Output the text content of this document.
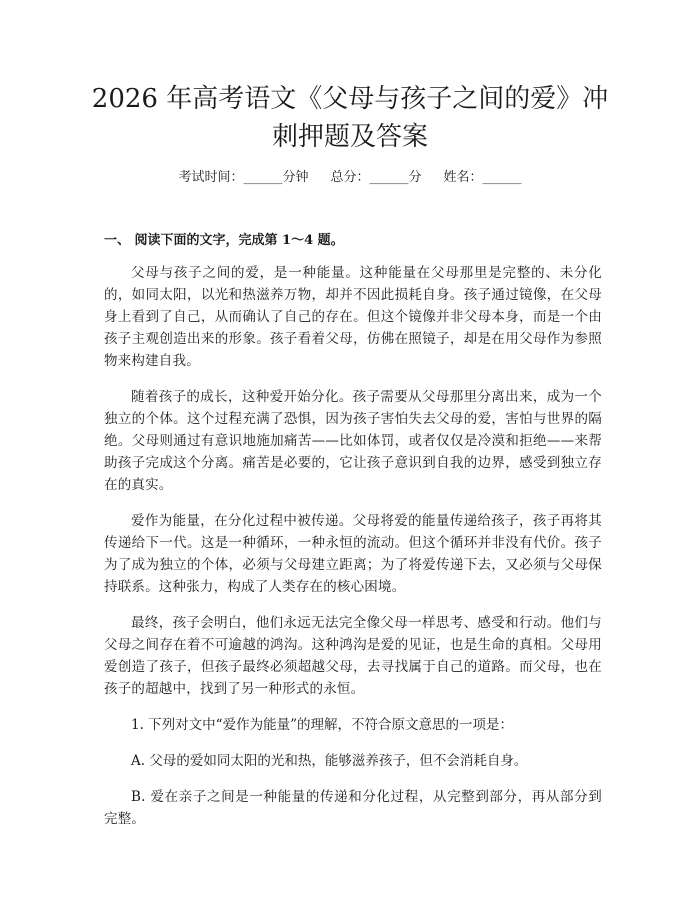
2026 年高考语文《父母与孩子之间的爱》冲刺押题及答案
考试时间：______分钟 总分：______分 姓名：______
一、 阅读下面的文字，完成第 1～4 题。

父母与孩子之间的爱，是一种能量。这种能量在父母那里是完整的、未分化的，如同太阳，以光和热滋养万物，却并不因此损耗自身。孩子通过镜像，在父母身上看到了自己，从而确认了自己的存在。但这个镜像并非父母本身，而是一个由孩子主观创造出来的形象。孩子看着父母，仿佛在照镜子，却是在用父母作为参照物来构建自我。

随着孩子的成长，这种爱开始分化。孩子需要从父母那里分离出来，成为一个独立的个体。这个过程充满了恐惧，因为孩子害怕失去父母的爱，害怕与世界的隔绝。父母则通过有意识地施加痛苦——比如体罚，或者仅仅是冷漠和拒绝——来帮助孩子完成这个分离。痛苦是必要的，它让孩子意识到自我的边界，感受到独立存在的真实。

爱作为能量，在分化过程中被传递。父母将爱的能量传递给孩子，孩子再将其传递给下一代。这是一种循环，一种永恒的流动。但这个循环并非没有代价。孩子为了成为独立的个体，必须与父母建立距离；为了将爱传递下去，又必须与父母保持联系。这种张力，构成了人类存在的核心困境。

最终，孩子会明白，他们永远无法完全像父母一样思考、感受和行动。他们与父母之间存在着不可逾越的鸿沟。这种鸿沟是爱的见证，也是生命的真相。父母用爱创造了孩子，但孩子最终必须超越父母，去寻找属于自己的道路。而父母，也在孩子的超越中，找到了另一种形式的永恒。

1. 下列对文中“爱作为能量”的理解，不符合原文意思的一项是：

A. 父母的爱如同太阳的光和热，能够滋养孩子，但不会消耗自身。

B. 爱在亲子之间是一种能量的传递和分化过程，从完整到部分，再从部分到完整。
